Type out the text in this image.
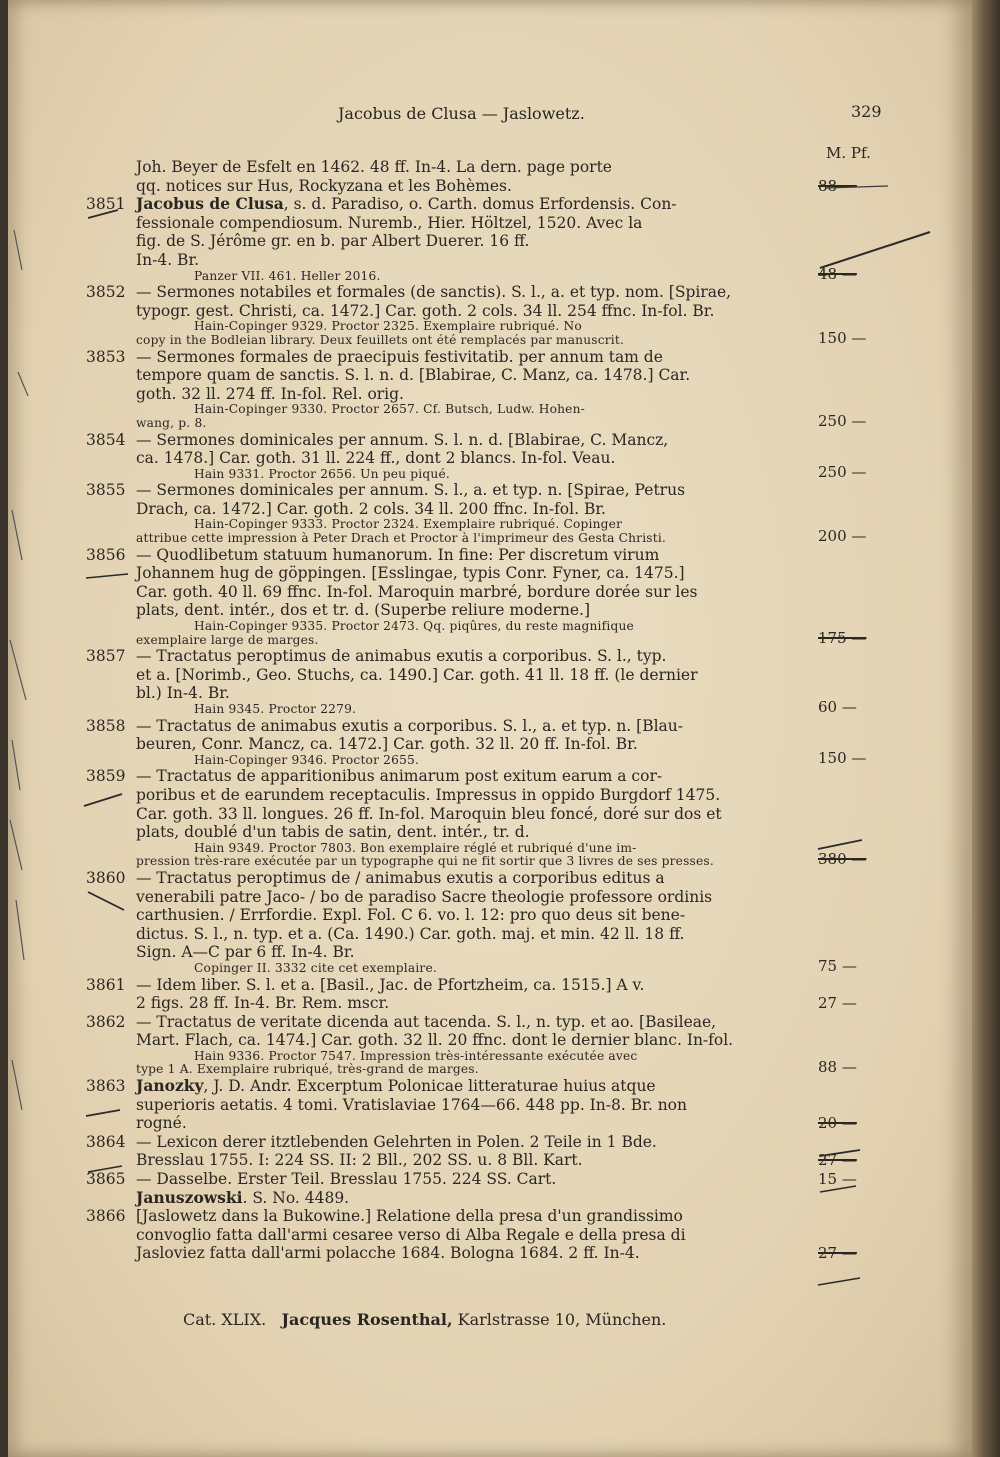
Jacobus de Clusa — Jaslowetz.	329
M. Pf.
Joh. Beyer de Esfelt en 1462. 48 ff. In-4. La dern. page porte
qq. notices sur Hus, Rockyzana et les Bohèmes.	88 —
3851 Jacobus de Clusa, s. d. Paradiso, o. Carth. domus Erfordensis. Con-
fessionale compendiosum. Nuremb., Hier. Höltzel, 1520. Avec la
fig. de S. Jérôme gr. en b. par Albert Duerer. 16 ff.
In-4. Br.
Panzer VII. 461. Heller 2016.	48 —
3852 — Sermones notabiles et formales (de sanctis). S. l., a. et typ. nom. [Spirae,
typogr. gest. Christi, ca. 1472.] Car. goth. 2 cols. 34 ll. 254 ffnc. In-fol. Br.
Hain-Copinger 9329. Proctor 2325. Exemplaire rubriqué. No
copy in the Bodleian library. Deux feuillets ont été remplacés par manuscrit.	150 —
3853 — Sermones formales de praecipuis festivitatib. per annum tam de
tempore quam de sanctis. S. l. n. d. [Blabirae, C. Manz, ca. 1478.] Car.
goth. 32 ll. 274 ff. In-fol. Rel. orig.
Hain-Copinger 9330. Proctor 2657. Cf. Butsch, Ludw. Hohen-
wang, p. 8.	250 —
3854 — Sermones dominicales per annum. S. l. n. d. [Blabirae, C. Mancz,
ca. 1478.] Car. goth. 31 ll. 224 ff., dont 2 blancs. In-fol. Veau.
Hain 9331. Proctor 2656. Un peu piqué.	250 —
3855 — Sermones dominicales per annum. S. l., a. et typ. n. [Spirae, Petrus
Drach, ca. 1472.] Car. goth. 2 cols. 34 ll. 200 ffnc. In-fol. Br.
Hain-Copinger 9333. Proctor 2324. Exemplaire rubriqué. Copinger
attribue cette impression à Peter Drach et Proctor à l'imprimeur des Gesta Christi.	200 —
3856 — Quodlibetum statuum humanorum. In fine: Per discretum virum
Johannem hug de göppingen. [Esslingae, typis Conr. Fyner, ca. 1475.]
Car. goth. 40 ll. 69 ffnc. In-fol. Maroquin marbré, bordure dorée sur les
plats, dent. intér., dos et tr. d. (Superbe reliure moderne.]
Hain-Copinger 9335. Proctor 2473. Qq. piqûres, du reste magnifique
exemplaire large de marges.	175 —
3857 — Tractatus peroptimus de animabus exutis a corporibus. S. l., typ.
et a. [Norimb., Geo. Stuchs, ca. 1490.] Car. goth. 41 ll. 18 ff. (le dernier
bl.) In-4. Br.
Hain 9345. Proctor 2279.	60 —
3858 — Tractatus de animabus exutis a corporibus. S. l., a. et typ. n. [Blau-
beuren, Conr. Mancz, ca. 1472.] Car. goth. 32 ll. 20 ff. In-fol. Br.
Hain-Copinger 9346. Proctor 2655.	150 —
3859 — Tractatus de apparitionibus animarum post exitum earum a cor-
poribus et de earundem receptaculis. Impressus in oppido Burgdorf 1475.
Car. goth. 33 ll. longues. 26 ff. In-fol. Maroquin bleu foncé, doré sur dos et
plats, doublé d'un tabis de satin, dent. intér., tr. d.
Hain 9349. Proctor 7803. Bon exemplaire réglé et rubriqué d'une im-
pression très-rare exécutée par un typographe qui ne fit sortir que 3 livres de ses presses.	380 —
3860 — Tractatus peroptimus de / animabus exutis a corporibus editus a
venerabili patre Jaco- / bo de paradiso Sacre theologie professore ordinis
carthusien. / Errfordie. Expl. Fol. C 6. vo. l. 12: pro quo deus sit bene-
dictus. S. l., n. typ. et a. (Ca. 1490.) Car. goth. maj. et min. 42 ll. 18 ff.
Sign. A—C par 6 ff. In-4. Br.
Copinger II. 3332 cite cet exemplaire.	75 —
3861 — Idem liber. S. l. et a. [Basil., Jac. de Pfortzheim, ca. 1515.] A v.
2 figs. 28 ff. In-4. Br. Rem. mscr.	27 —
3862 — Tractatus de veritate dicenda aut tacenda. S. l., n. typ. et ao. [Basileae,
Mart. Flach, ca. 1474.] Car. goth. 32 ll. 20 ffnc. dont le dernier blanc. In-fol.
Hain 9336. Proctor 7547. Impression très-intéressante exécutée avec
type 1 A. Exemplaire rubriqué, très-grand de marges.	88 —
3863 Janozky, J. D. Andr. Excerptum Polonicae litteraturae huius atque
superioris aetatis. 4 tomi. Vratislaviae 1764—66. 448 pp. In-8. Br. non
rogné.	20 —
3864 — Lexicon derer itztlebenden Gelehrten in Polen. 2 Teile in 1 Bde.
Bresslau 1755. I: 224 SS. II: 2 Bll., 202 SS. u. 8 Bll. Kart.	27 —
3865 — Dasselbe. Erster Teil. Bresslau 1755. 224 SS. Cart.	15 —
Januszowski. S. No. 4489.
3866 [Jaslowetz dans la Bukowine.] Relatione della presa d'un grandissimo
convoglio fatta dall'armi cesaree verso di Alba Regale e della presa di
Jasloviez fatta dall'armi polacche 1684. Bologna 1684. 2 ff. In-4.	27 —
Cat. XLIX. Jacques Rosenthal, Karlstrasse 10, München.
